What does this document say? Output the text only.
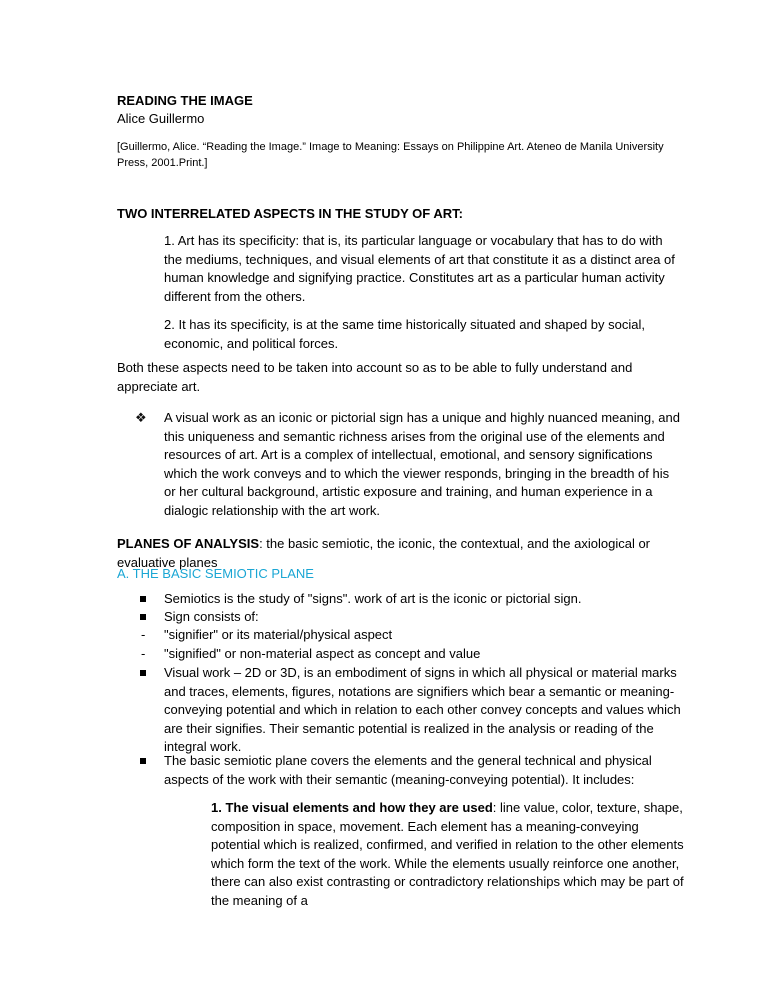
READING THE IMAGE

Alice Guillermo

[Guillermo, Alice. “Reading the Image.” Image to Meaning: Essays on Philippine Art. Ateneo de Manila University Press, 2001.Print.]

TWO INTERRELATED ASPECTS IN THE STUDY OF ART:

1. Art has its specificity: that is, its particular language or vocabulary that has to do with the mediums, techniques, and visual elements of art that constitute it as a distinct area of human knowledge and signifying practice. Constitutes art as a particular human activity different from the others.

2. It has its specificity, is at the same time historically situated and shaped by social, economic, and political forces.

Both these aspects need to be taken into account so as to be able to fully understand and appreciate art.

❖ A visual work as an iconic or pictorial sign has a unique and highly nuanced meaning, and this uniqueness and semantic richness arises from the original use of the elements and resources of art. Art is a complex of intellectual, emotional, and sensory significations which the work conveys and to which the viewer responds, bringing in the breadth of his or her cultural background, artistic exposure and training, and human experience in a dialogic relationship with the art work.

PLANES OF ANALYSIS: the basic semiotic, the iconic, the contextual, and the axiological or evaluative planes

A. THE BASIC SEMIOTIC PLANE

Semiotics is the study of "signs". work of art is the iconic or pictorial sign.

Sign consists of:

- "signifier" or its material/physical aspect

- "signified" or non-material aspect as concept and value

Visual work – 2D or 3D, is an embodiment of signs in which all physical or material marks and traces, elements, figures, notations are signifiers which bear a semantic or meaning-conveying potential and which in relation to each other convey concepts and values which are their signifies. Their semantic potential is realized in the analysis or reading of the integral work.

The basic semiotic plane covers the elements and the general technical and physical aspects of the work with their semantic (meaning-conveying potential). It includes:

1. The visual elements and how they are used: line value, color, texture, shape, composition in space, movement. Each element has a meaning-conveying potential which is realized, confirmed, and verified in relation to the other elements which form the text of the work. While the elements usually reinforce one another, there can also exist contrasting or contradictory relationships which may be part of the meaning of a
